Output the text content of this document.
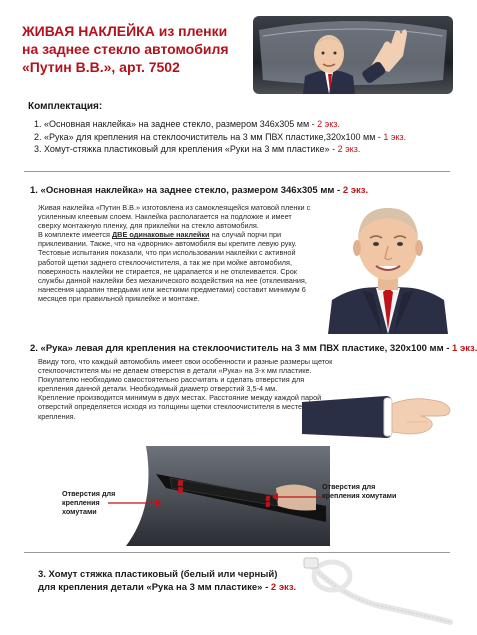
ЖИВАЯ НАКЛЕЙКА из пленки
на заднее стекло автомобиля
«Путин В.В.», арт. 7502
Комплектация:
1. «Основная наклейка» на заднее стекло, размером 346х305 мм - 2 экз.
2. «Рука» для крепления на стеклоочиститель на 3 мм ПВХ пластике,320х100 мм - 1 экз.
3. Хомут-стяжка пластиковый для крепления «Руки на 3 мм пластике» - 2 экз.
1. «Основная наклейка» на заднее стекло, размером 346х305 мм - 2 экз.

Живая наклейка «Путин В.В.» изготовлена из самоклеящейся матовой пленки с усиленным клеевым слоем. Наклейка располагается на подложке и имеет сверху монтажную пленку, для приклейки на стекло автомобиля.

В комплекте имеется ДВЕ одинаковые наклейки на случай порчи при приклеивании. Также, что на «дворник» автомобиля вы крепите левую руку. Тестовые испытания показали, что при использовании наклейки с активной работой щетки заднего стеклоочистителя, а так же при мойке автомобиля, поверхность наклейки не стирается, не царапается и не отклеивается. Срок службы данной наклейки без механического воздействия на нее (отклеивания, нанесения царапин твердыми или жесткими предметами) составит минимум 6 месяцев при правильной приклейке и монтаже.

2. «Рука» левая для крепления на стеклоочиститель на 3 мм ПВХ пластике, 320х100 мм - 1 экз.

Ввиду того, что каждый автомобиль имеет свои особенности и разные размеры щеток стеклоочистителя мы не делаем отверстия в детали «Рука» на 3-х мм пластике. Покупателю необходимо самостоятельно рассчитать и сделать отверстия для крепления данной детали. Необходимый диаметр отверстий 3,5-4 мм.

Крепление производится минимум в двух местах. Расстояние между каждой парой отверстий определяется исходя из толщины щетки стеклоочистителя в месте крепления.

Отверстия для крепления хомутами
Отверстия для крепления хомутами
3. Хомут стяжка пластиковый (белый или черный)
для крепления детали «Рука на 3 мм пластике» - 2 экз.
